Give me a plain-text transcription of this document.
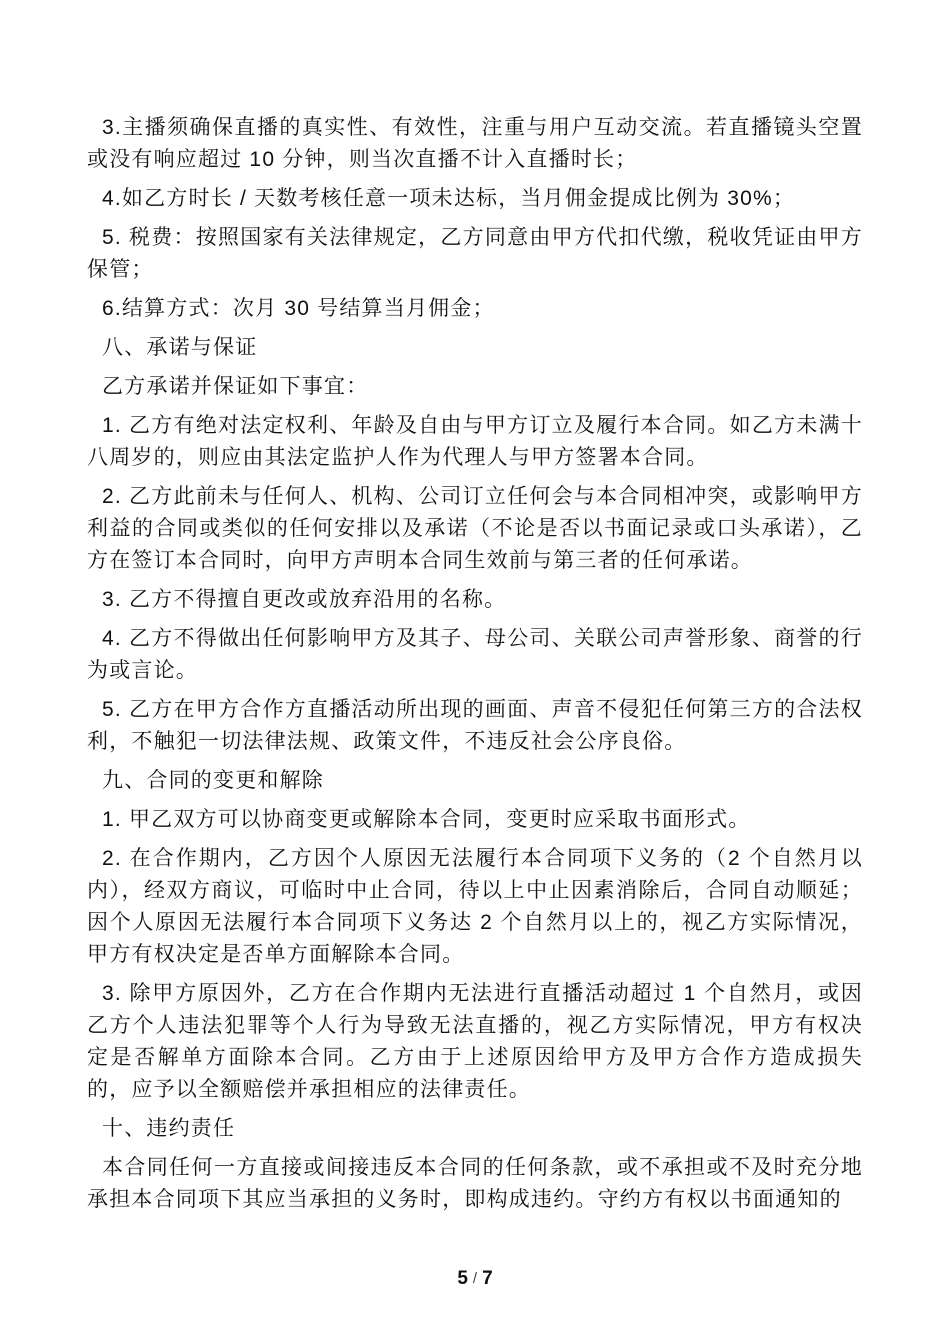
3.主播须确保直播的真实性、有效性，注重与用户互动交流。若直播镜头空置或没有响应超过 10 分钟，则当次直播不计入直播时长；

4.如乙方时长 / 天数考核任意一项未达标，当月佣金提成比例为 30%；

5. 税费：按照国家有关法律规定，乙方同意由甲方代扣代缴，税收凭证由甲方保管；

6.结算方式：次月 30 号结算当月佣金；

八、承诺与保证

乙方承诺并保证如下事宜：

1. 乙方有绝对法定权利、年龄及自由与甲方订立及履行本合同。如乙方未满十八周岁的，则应由其法定监护人作为代理人与甲方签署本合同。

2. 乙方此前未与任何人、机构、公司订立任何会与本合同相冲突，或影响甲方利益的合同或类似的任何安排以及承诺（不论是否以书面记录或口头承诺），乙方在签订本合同时，向甲方声明本合同生效前与第三者的任何承诺。

3. 乙方不得擅自更改或放弃沿用的名称。

4. 乙方不得做出任何影响甲方及其子、母公司、关联公司声誉形象、商誉的行为或言论。

5. 乙方在甲方合作方直播活动所出现的画面、声音不侵犯任何第三方的合法权利，不触犯一切法律法规、政策文件，不违反社会公序良俗。

九、合同的变更和解除

1. 甲乙双方可以协商变更或解除本合同，变更时应采取书面形式。

2. 在合作期内，乙方因个人原因无法履行本合同项下义务的（2 个自然月以内），经双方商议，可临时中止合同，待以上中止因素消除后，合同自动顺延；因个人原因无法履行本合同项下义务达 2 个自然月以上的，视乙方实际情况，甲方有权决定是否单方面解除本合同。

3. 除甲方原因外，乙方在合作期内无法进行直播活动超过 1 个自然月，或因乙方个人违法犯罪等个人行为导致无法直播的，视乙方实际情况，甲方有权决定是否解单方面除本合同。乙方由于上述原因给甲方及甲方合作方造成损失的，应予以全额赔偿并承担相应的法律责任。

十、违约责任

本合同任何一方直接或间接违反本合同的任何条款，或不承担或不及时充分地承担本合同项下其应当承担的义务时，即构成违约。守约方有权以书面通知的

5 / 7
